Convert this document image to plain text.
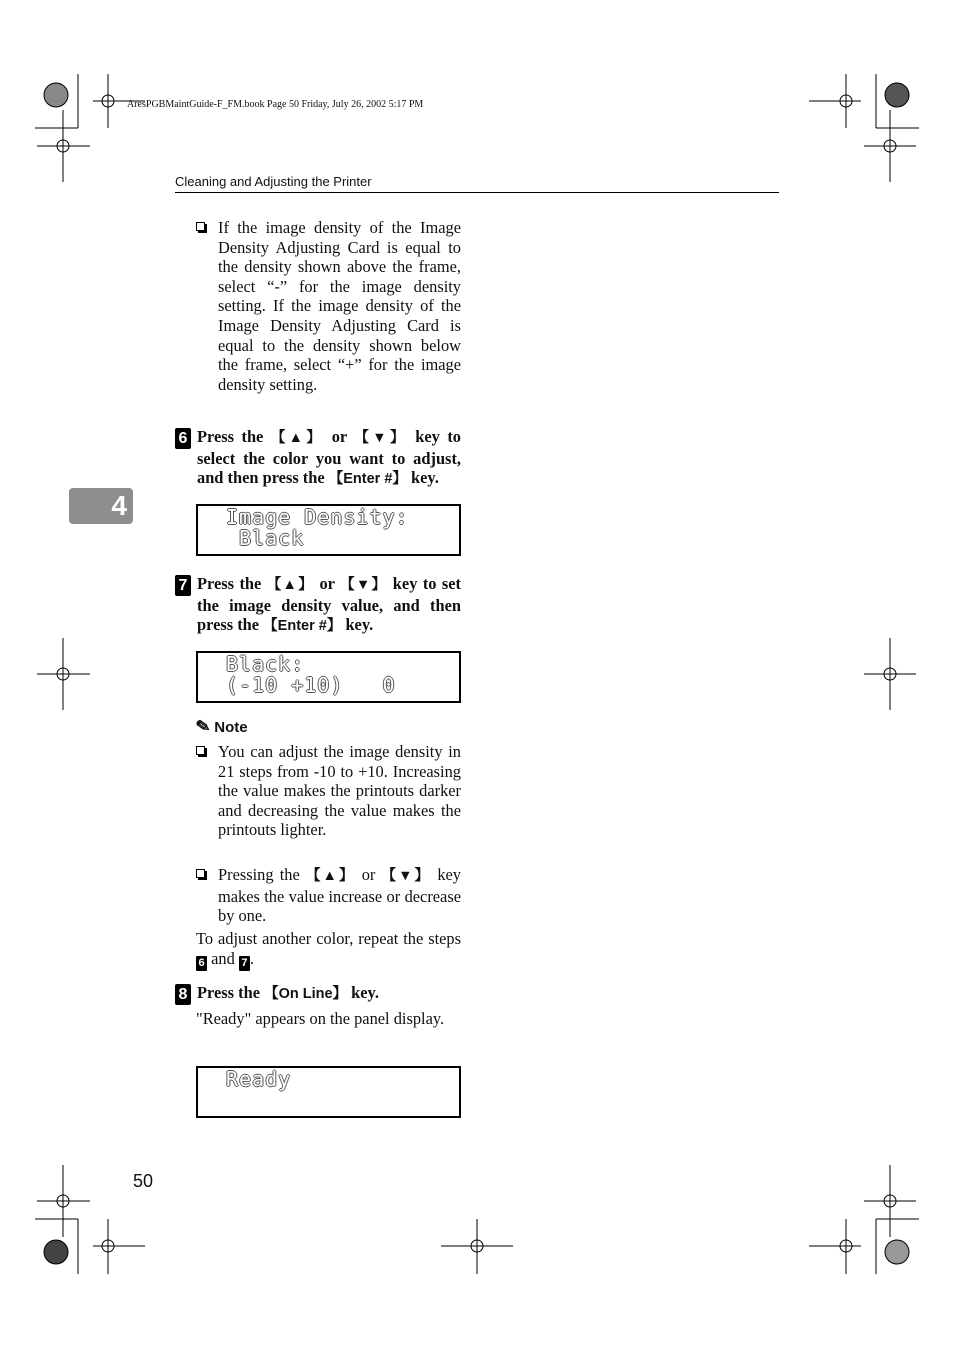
AresPGBMaintGuide-F_FM.book Page 50 Friday, July 26, 2002 5:17 PM
Cleaning and Adjusting the Printer
4
If the image density of the Image Density Adjusting Card is equal to the density shown above the frame, select “-” for the image density setting. If the image density of the Image Density Adjusting Card is equal to the density shown below the frame, select “+” for the image density setting.
6 Press the 【▲】 or 【▼】 key to select the color you want to adjust, and then press the 【Enter #】 key.
Image Density:
Black
7 Press the 【▲】 or 【▼】 key to set the image density value, and then press the 【Enter #】 key.
Black:
(-10 +10)   0
✎ Note
You can adjust the image density in 21 steps from -10 to +10. Increasing the value makes the printouts darker and decreasing the value makes the printouts lighter.
Pressing the 【▲】 or 【▼】 key makes the value increase or decrease by one.
To adjust another color, repeat the steps 6 and 7 .
8 Press the 【On Line】 key.
"Ready" appears on the panel display.
Ready
50
